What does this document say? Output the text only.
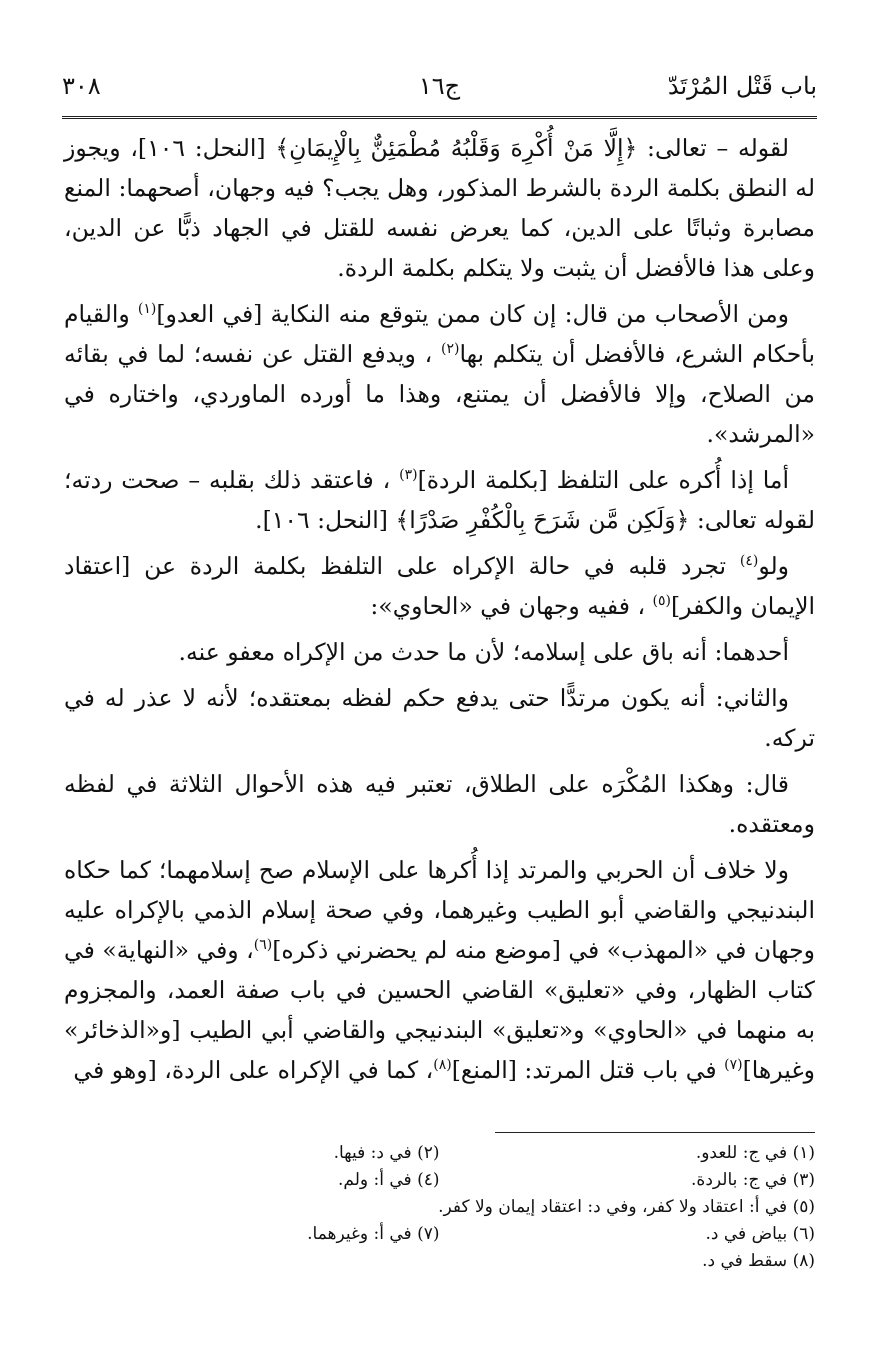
باب قَتْل المُرْتَدّ
ج١٦
٣٠٨

لقوله – تعالى: ﴿إِلَّا مَنْ أُكْرِهَ وَقَلْبُهُ مُطْمَئِنٌّ بِالْإِيمَانِ﴾ [النحل: ١٠٦]، ويجوز له النطق بكلمة الردة بالشرط المذكور، وهل يجب؟ فيه وجهان، أصحهما: المنع مصابرة وثباتًا على الدين، كما يعرض نفسه للقتل في الجهاد ذبًّا عن الدين، وعلى هذا فالأفضل أن يثبت ولا يتكلم بكلمة الردة.

ومن الأصحاب من قال: إن كان ممن يتوقع منه النكاية [في العدو]$^{(١)}$ والقيام بأحكام الشرع، فالأفضل أن يتكلم بها$^{(٢)}$ ، ويدفع القتل عن نفسه؛ لما في بقائه من الصلاح، وإلا فالأفضل أن يمتنع، وهذا ما أورده الماوردي، واختاره في «المرشد».

أما إذا أُكره على التلفظ [بكلمة الردة]$^{(٣)}$ ، فاعتقد ذلك بقلبه – صحت ردته؛ لقوله تعالى: ﴿وَلَكِن مَّن شَرَحَ بِالْكُفْرِ صَدْرًا﴾ [النحل: ١٠٦].

ولو$^{(٤)}$ تجرد قلبه في حالة الإكراه على التلفظ بكلمة الردة عن [اعتقاد الإيمان والكفر]$^{(٥)}$ ، ففيه وجهان في «الحاوي»:

أحدهما: أنه باق على إسلامه؛ لأن ما حدث من الإكراه معفو عنه.

والثاني: أنه يكون مرتدًّا حتى يدفع حكم لفظه بمعتقده؛ لأنه لا عذر له في تركه.

قال: وهكذا المُكْرَه على الطلاق، تعتبر فيه هذه الأحوال الثلاثة في لفظه ومعتقده.

ولا خلاف أن الحربي والمرتد إذا أُكرها على الإسلام صح إسلامهما؛ كما حكاه البندنيجي والقاضي أبو الطيب وغيرهما، وفي صحة إسلام الذمي بالإكراه عليه وجهان في «المهذب» في [موضع منه لم يحضرني ذكره]$^{(٦)}$، وفي «النهاية» في كتاب الظهار، وفي «تعليق» القاضي الحسين في باب صفة العمد، والمجزوم به منهما في «الحاوي» و«تعليق» البندنيجي والقاضي أبي الطيب [و«الذخائر» وغيرها]$^{(٧)}$ في باب قتل المرتد: [المنع]$^{(٨)}$، كما في الإكراه على الردة، [وهو في

(١) في ج: للعدو.
(٢) في د: فيها.
(٣) في ج: بالردة.
(٤) في أ: ولم.
(٥) في أ: اعتقاد ولا كفر، وفي د: اعتقاد إيمان ولا كفر.
(٦) بياض في د.
(٧) في أ: وغيرهما.
(٨) سقط في د.
